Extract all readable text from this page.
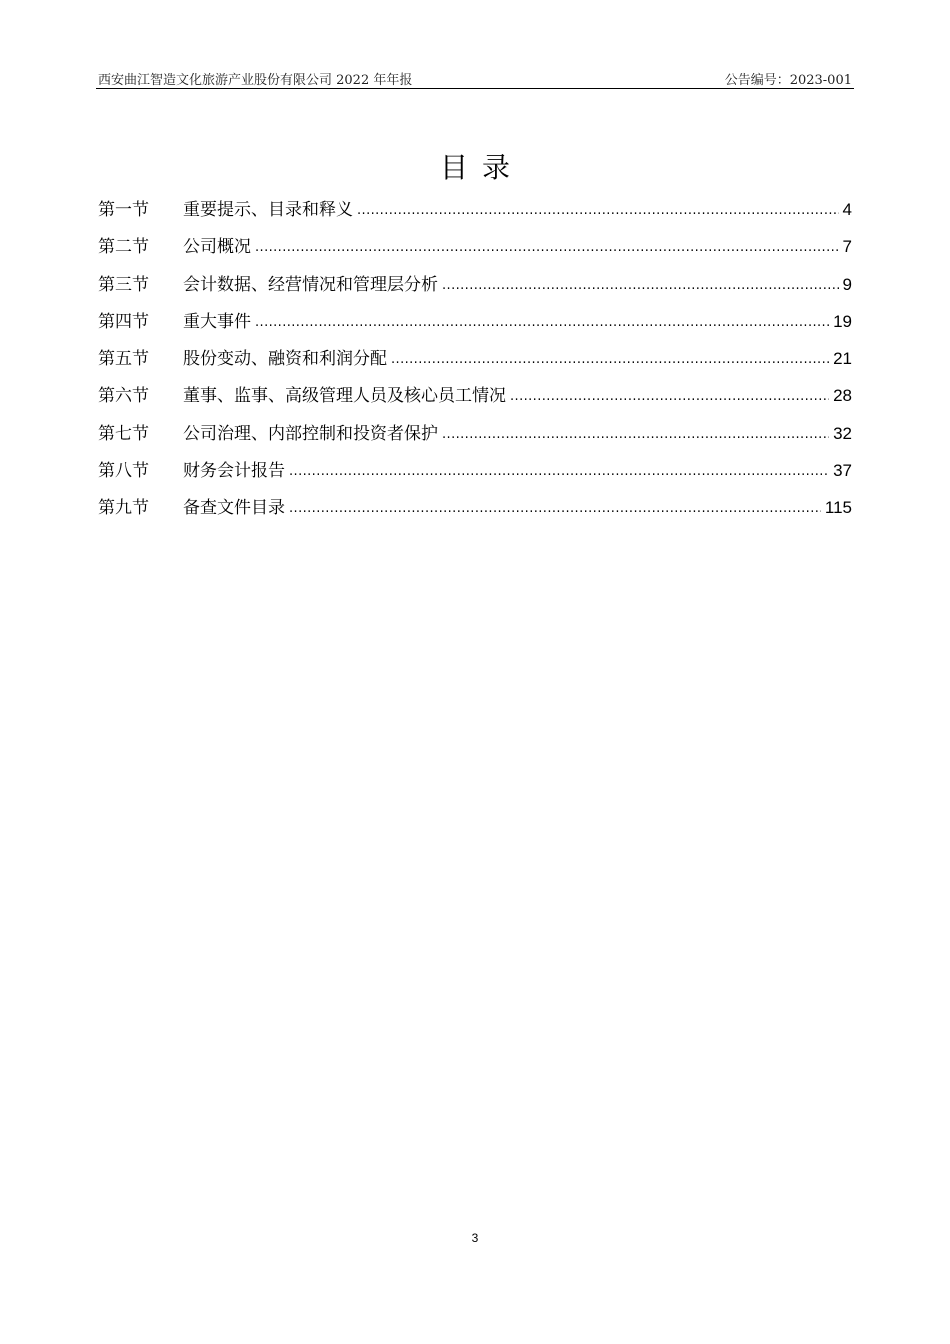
西安曲江智造文化旅游产业股份有限公司 2022 年年报	公告编号：2023-001
目录
第一节	重要提示、目录和释义 .....	4
第二节	公司概况 .....	7
第三节	会计数据、经营情况和管理层分析 .....	9
第四节	重大事件 .....	19
第五节	股份变动、融资和利润分配 .....	21
第六节	董事、监事、高级管理人员及核心员工情况 .....	28
第七节	公司治理、内部控制和投资者保护 .....	32
第八节	财务会计报告 .....	37
第九节	备查文件目录 .....	115
3
